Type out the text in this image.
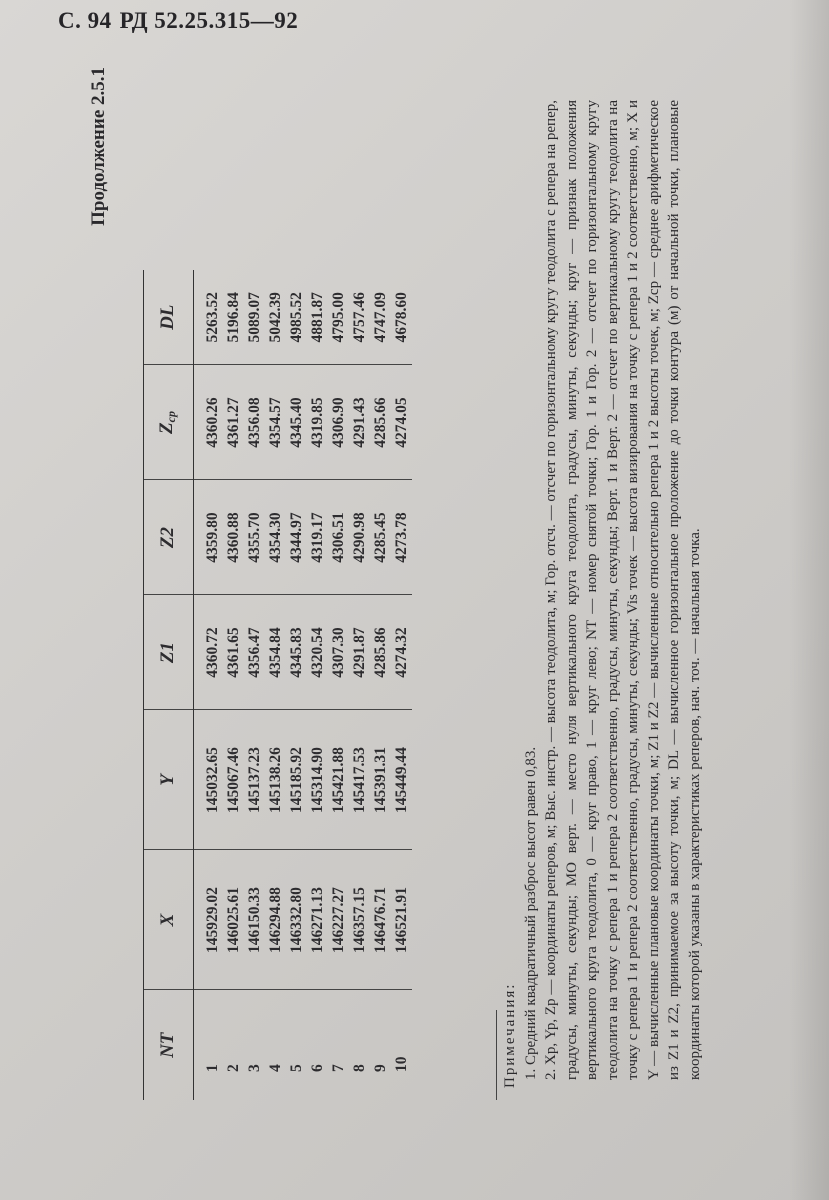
С. 94 РД 52.25.315—92
Продолжение 2.5.1
NT	X	Y	Z1	Z2	$Z_{ср}$	DL
1	145929.02	145032.65	4360.72	4359.80	4360.26	5263.52
2	146025.61	145067.46	4361.65	4360.88	4361.27	5196.84
3	146150.33	145137.23	4356.47	4355.70	4356.08	5089.07
4	146294.88	145138.26	4354.84	4354.30	4354.57	5042.39
5	146332.80	145185.92	4345.83	4344.97	4345.40	4985.52
6	146271.13	145314.90	4320.54	4319.17	4319.85	4881.87
7	146227.27	145421.88	4307.30	4306.51	4306.90	4795.00
8	146357.15	145417.53	4291.87	4290.98	4291.43	4757.46
9	146476.71	145391.31	4285.86	4285.45	4285.66	4747.09
10	146521.91	145449.44	4274.32	4273.78	4274.05	4678.60

Примечания: 1. Средний квадратичный разброс высот равен 0,83. 2. Xp, Yp, Zp — координаты реперов, м; Выс. инстр. — высота теодолита, м; Гор. отсч. — отсчет по горизонтальному кругу теодолита с репера на репер, градусы, минуты, секунды; МО верт. — место нуля вертикального круга теодолита, градусы, минуты, секунды; круг — признак положения вертикального круга теодолита, 0 — круг право, 1 — круг лево; NT — номер снятой точки; Гор. 1 и Гор. 2 — отсчет по горизонтальному кругу теодолита на точку с репера 1 и репера 2 соответственно, градусы, минуты, секунды; Верт. 1 и Верт. 2 — отсчет по вертикальному кругу теодолита на точку с репера 1 и репера 2 соответственно, градусы, минуты, секунды; Vis точек — высота визирования на точку с репера 1 и 2 соответственно, м; X и Y — вычисленные плановые координаты точки, м; Z1 и Z2 — вычисленные относительно репера 1 и 2 высоты точек, м; Zср — среднее арифметическое из Z1 и Z2, принимаемое за высоту точки, м; DL — вычисленное горизонтальное проложение до точки контура (м) от начальной точки, плановые координаты которой указаны в характеристиках реперов, нач. точ. — начальная точка.
